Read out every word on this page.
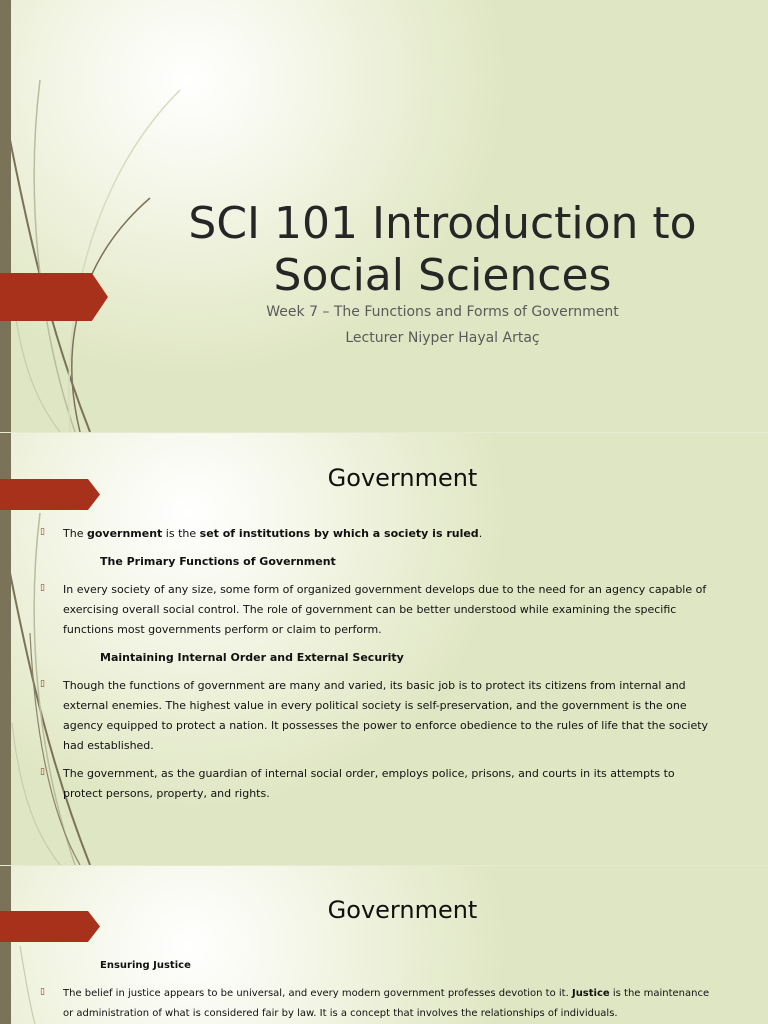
SCI 101 Introduction to
Social Sciences

Week 7 – The Functions and Forms of Government

Lecturer Niyper Hayal Artaç

Government

▯ The government is the set of institutions by which a society is ruled.

The Primary Functions of Government

▯ In every society of any size, some form of organized government develops due to the need for an agency capable of exercising overall social control. The role of government can be better understood while examining the specific functions most governments perform or claim to perform.

Maintaining Internal Order and External Security

▯ Though the functions of government are many and varied, its basic job is to protect its citizens from internal and external enemies. The highest value in every political society is self-preservation, and the government is the one agency equipped to protect a nation. It possesses the power to enforce obedience to the rules of life that the society had established.

▯ The government, as the guardian of internal social order, employs police, prisons, and courts in its attempts to protect persons, property, and rights.

Government

Ensuring Justice

▯ The belief in justice appears to be universal, and every modern government professes devotion to it. Justice is the maintenance or administration of what is considered fair by law. It is a concept that involves the relationships of individuals.
